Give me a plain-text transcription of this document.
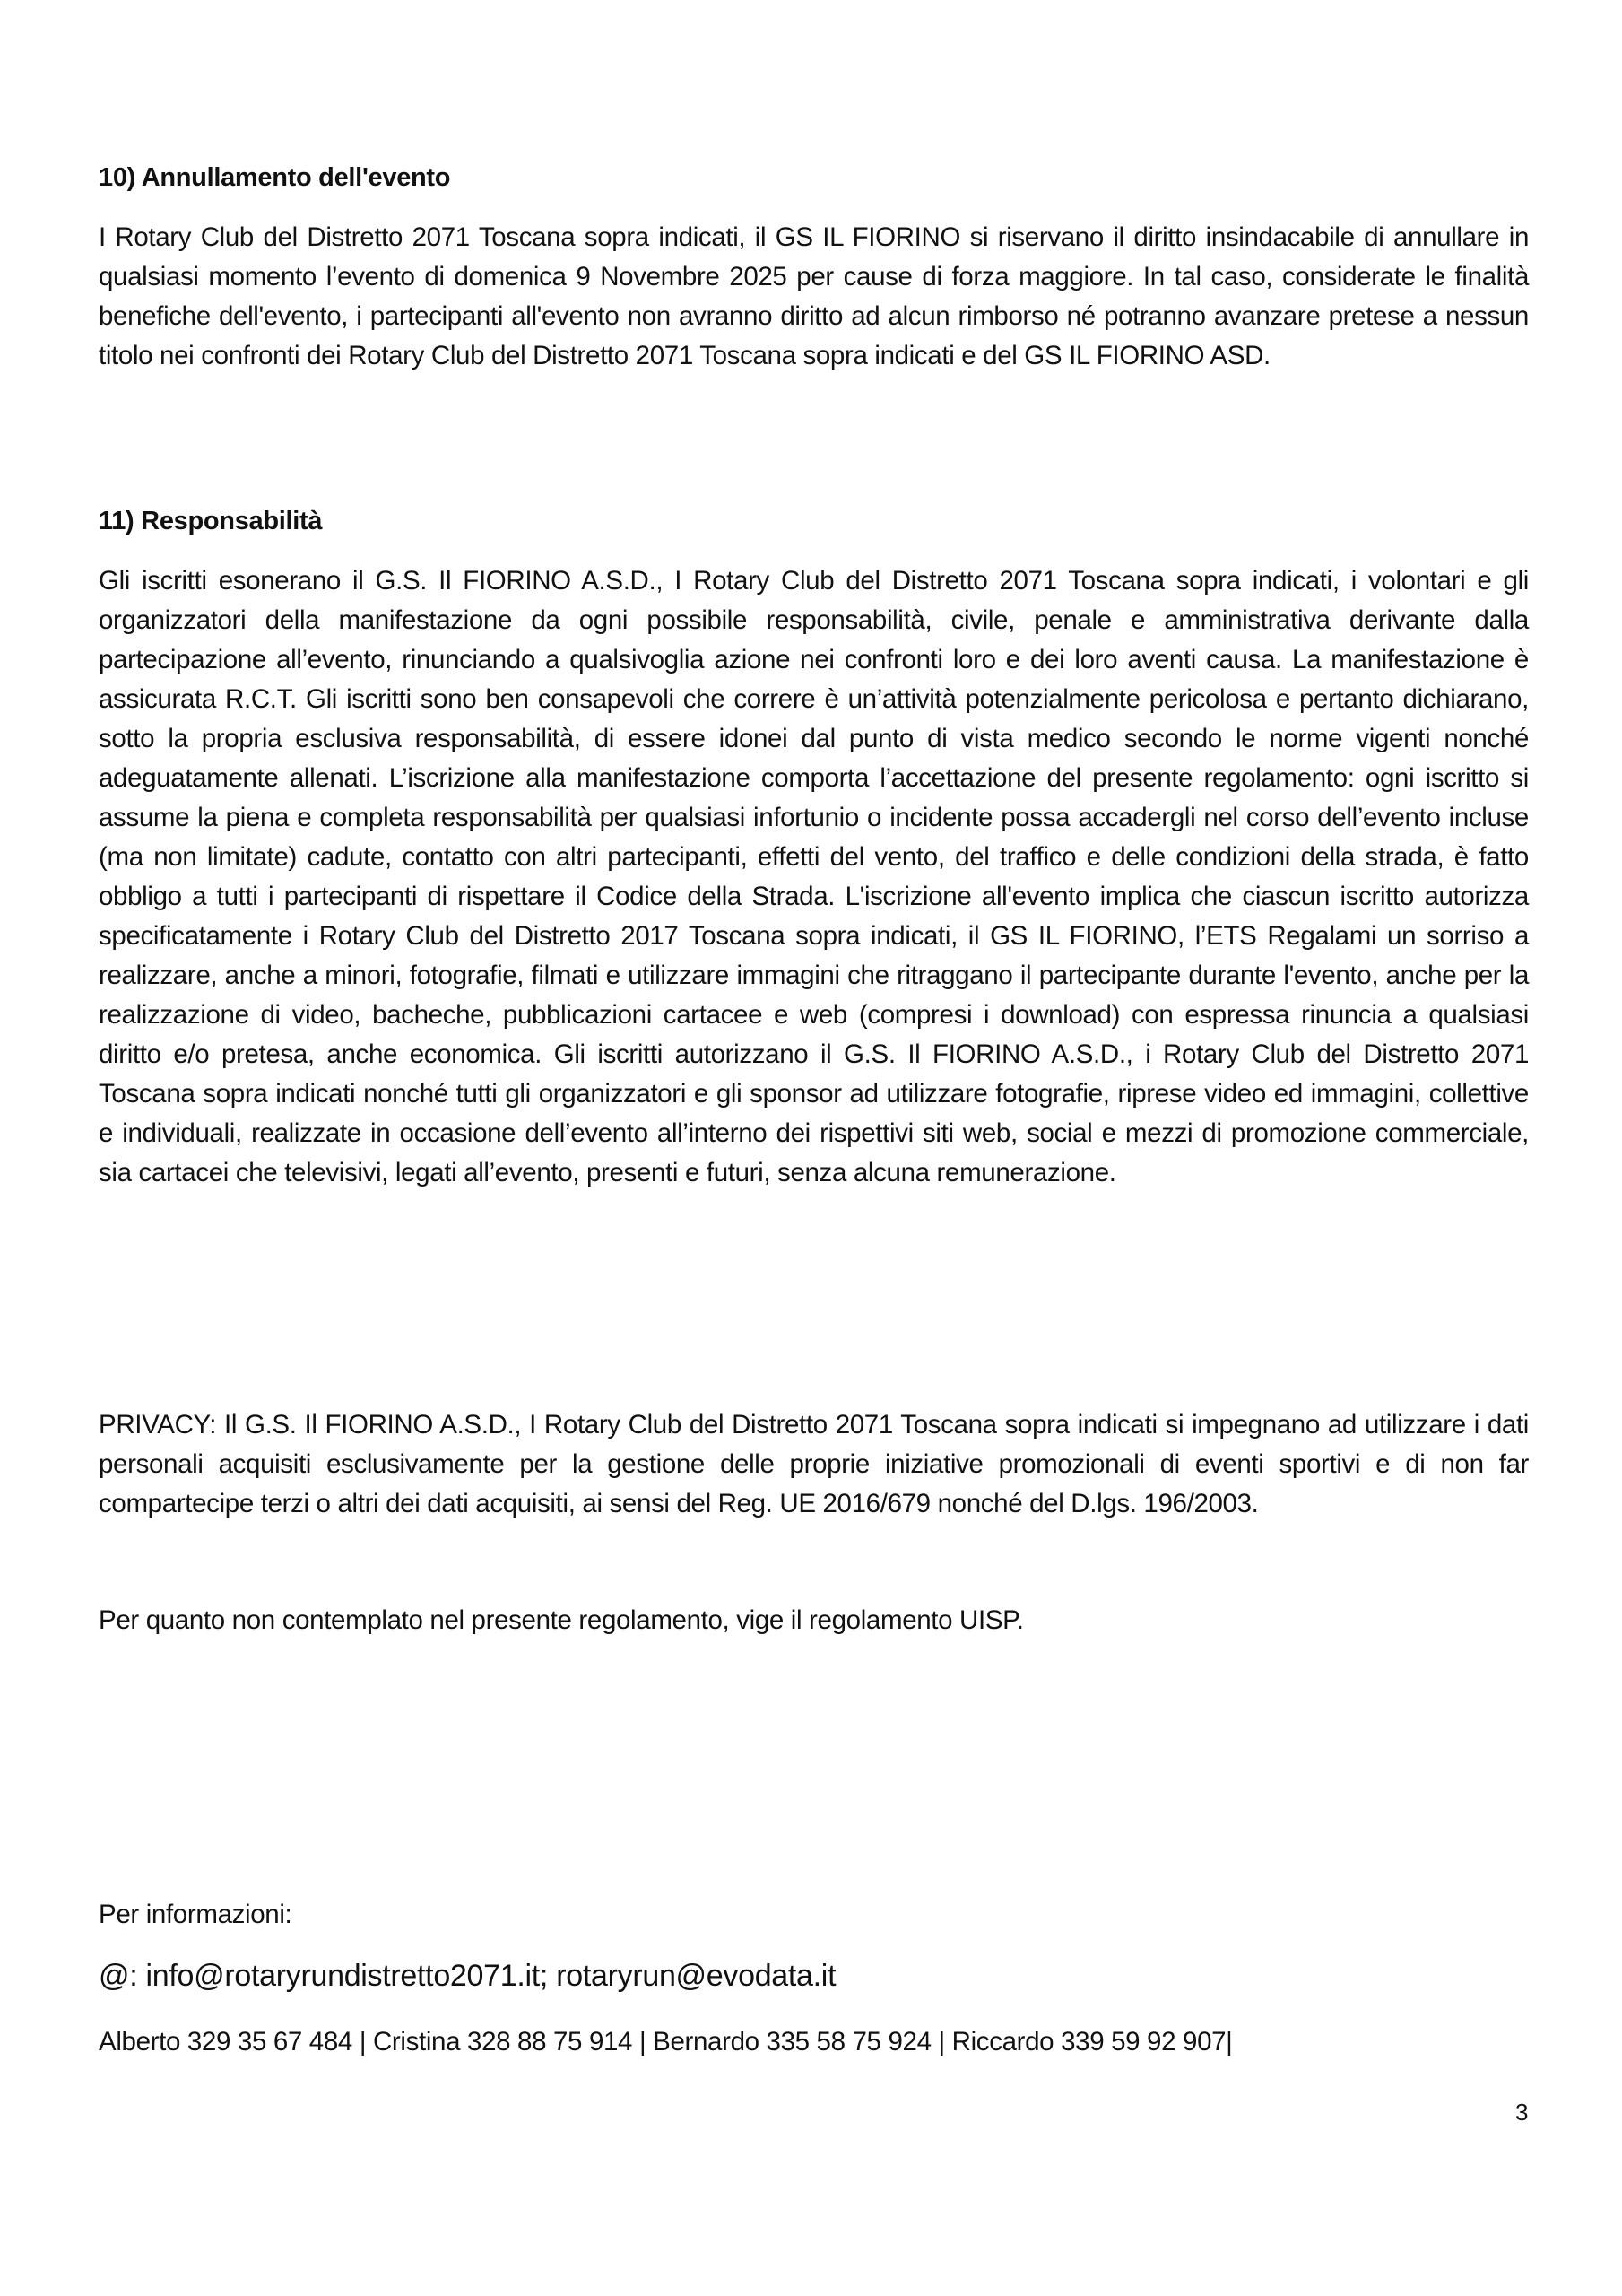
10) Annullamento dell'evento
I Rotary Club del Distretto 2071 Toscana sopra indicati, il GS IL FIORINO si riservano il diritto insindacabile di annullare in qualsiasi momento l’evento di domenica 9 Novembre 2025 per cause di forza maggiore. In tal caso, considerate le finalità benefiche dell'evento, i partecipanti all'evento non avranno diritto ad alcun rimborso né potranno avanzare pretese a nessun titolo nei confronti dei Rotary Club del Distretto 2071 Toscana sopra indicati e del GS IL FIORINO ASD.
11) Responsabilità
Gli iscritti esonerano il G.S. Il FIORINO A.S.D., I Rotary Club del Distretto 2071 Toscana sopra indicati, i volontari e gli organizzatori della manifestazione da ogni possibile responsabilità, civile, penale e amministrativa derivante dalla partecipazione all’evento, rinunciando a qualsivoglia azione nei confronti loro e dei loro aventi causa. La manifestazione è assicurata R.C.T. Gli iscritti sono ben consapevoli che correre è un’attività potenzialmente pericolosa e pertanto dichiarano, sotto la propria esclusiva responsabilità, di essere idonei dal punto di vista medico secondo le norme vigenti nonché adeguatamente allenati. L’iscrizione alla manifestazione comporta l’accettazione del presente regolamento: ogni iscritto si assume la piena e completa responsabilità per qualsiasi infortunio o incidente possa accadergli nel corso dell’evento incluse (ma non limitate) cadute, contatto con altri partecipanti, effetti del vento, del traffico e delle condizioni della strada, è fatto obbligo a tutti i partecipanti di rispettare il Codice della Strada. L'iscrizione all'evento implica che ciascun iscritto autorizza specificatamente i Rotary Club del Distretto 2017 Toscana sopra indicati, il GS IL FIORINO, l’ETS Regalami un sorriso a realizzare, anche a minori, fotografie, filmati e utilizzare immagini che ritraggano il partecipante durante l'evento, anche per la realizzazione di video, bacheche, pubblicazioni cartacee e web (compresi i download) con espressa rinuncia a qualsiasi diritto e/o pretesa, anche economica. Gli iscritti autorizzano il G.S. Il FIORINO A.S.D., i Rotary Club del Distretto 2071 Toscana sopra indicati nonché tutti gli organizzatori e gli sponsor ad utilizzare fotografie, riprese video ed immagini, collettive e individuali, realizzate in occasione dell’evento all’interno dei rispettivi siti web, social e mezzi di promozione commerciale, sia cartacei che televisivi, legati all’evento, presenti e futuri, senza alcuna remunerazione.
PRIVACY: Il G.S. Il FIORINO A.S.D., I Rotary Club del Distretto 2071 Toscana sopra indicati si impegnano ad utilizzare i dati personali acquisiti esclusivamente per la gestione delle proprie iniziative promozionali di eventi sportivi e di non far compartecipe terzi o altri dei dati acquisiti, ai sensi del Reg. UE 2016/679 nonché del D.lgs. 196/2003.
Per quanto non contemplato nel presente regolamento, vige il regolamento UISP.
Per informazioni:
@: info@rotaryrundistretto2071.it; rotaryrun@evodata.it
Alberto 329 35 67 484 | Cristina 328 88 75 914 | Bernardo 335 58 75 924 | Riccardo 339 59 92 907|
3
